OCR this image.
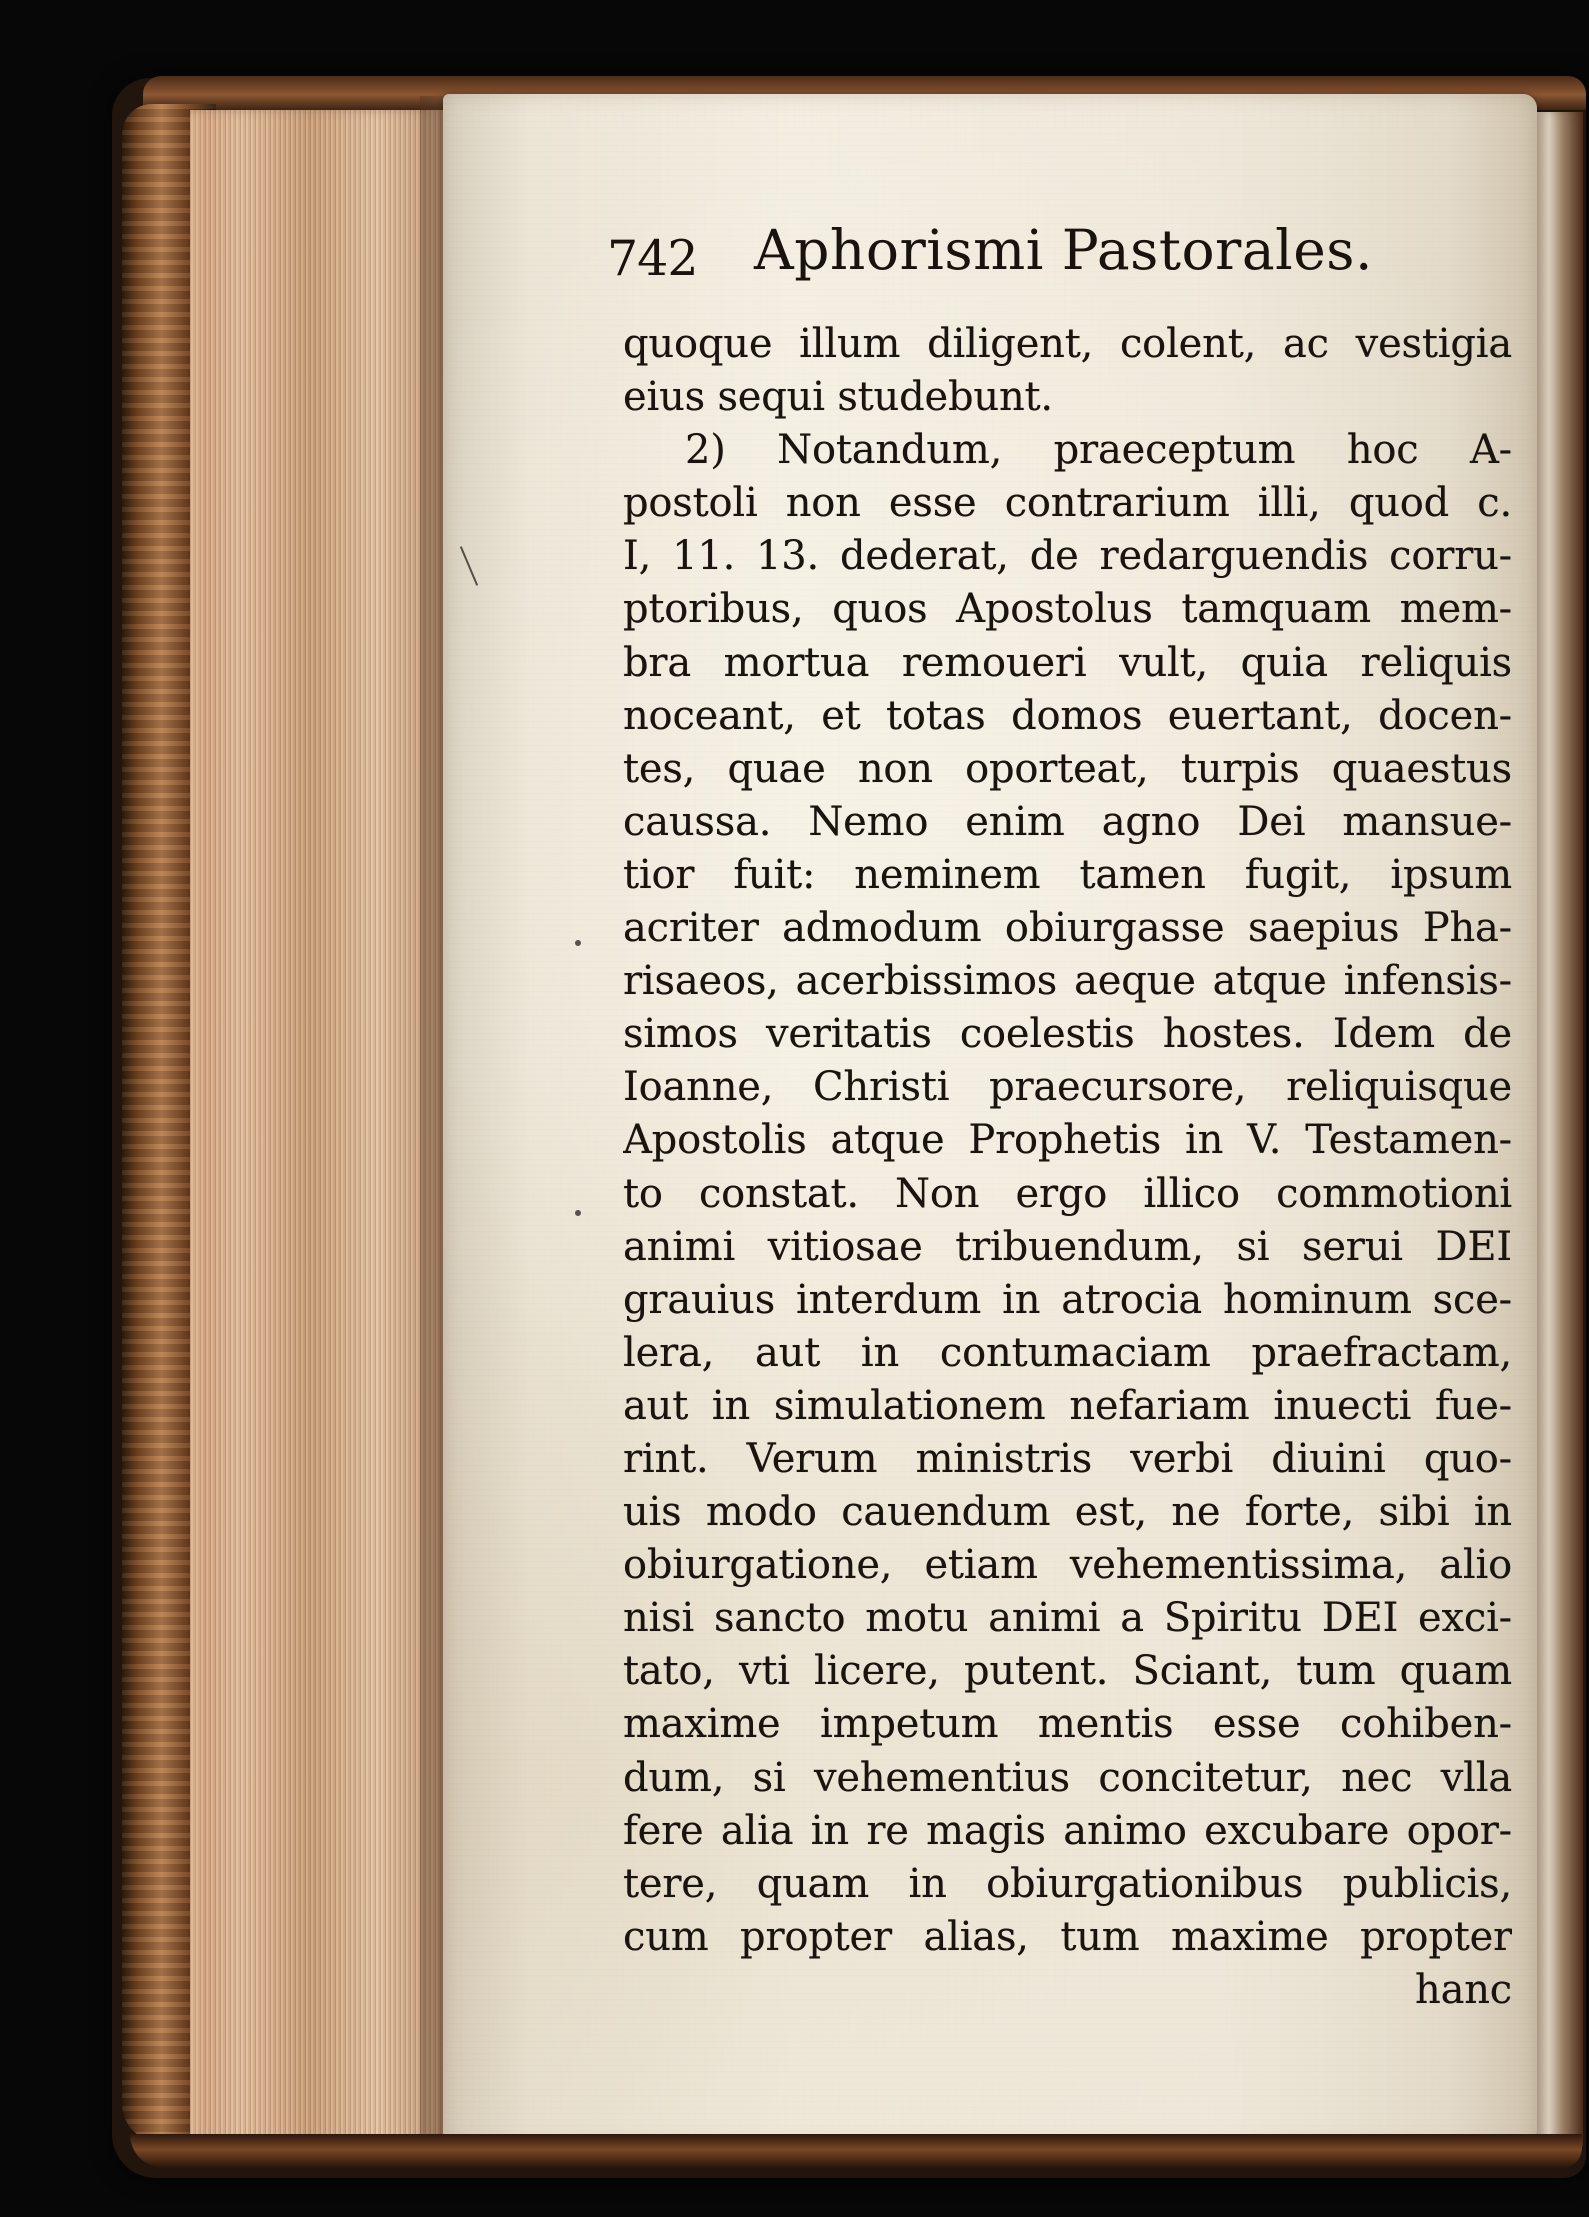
742 Aphorismi Pastorales.
quoque illum diligent, colent, ac vestigia
eius sequi studebunt.
2) Notandum, praeceptum hoc A-
postoli non esse contrarium illi, quod c.
I, 11. 13. dederat, de redarguendis corru-
ptoribus, quos Apostolus tamquam mem-
bra mortua remoueri vult, quia reliquis
noceant, et totas domos euertant, docen-
tes, quae non oporteat, turpis quaestus
caussa. Nemo enim agno Dei mansue-
tior fuit: neminem tamen fugit, ipsum
acriter admodum obiurgasse saepius Pha-
risaeos, acerbissimos aeque atque infensis-
simos veritatis coelestis hostes. Idem de
Ioanne, Christi praecursore, reliquisque
Apostolis atque Prophetis in V. Testamen-
to constat. Non ergo illico commotioni
animi vitiosae tribuendum, si serui DEI
grauius interdum in atrocia hominum sce-
lera, aut in contumaciam praefractam,
aut in simulationem nefariam inuecti fue-
rint. Verum ministris verbi diuini quo-
uis modo cauendum est, ne forte, sibi in
obiurgatione, etiam vehementissima, alio
nisi sancto motu animi a Spiritu DEI exci-
tato, vti licere, putent. Sciant, tum quam
maxime impetum mentis esse cohiben-
dum, si vehementius concitetur, nec vlla
fere alia in re magis animo excubare opor-
tere, quam in obiurgationibus publicis,
cum propter alias, tum maxime propter
hanc
